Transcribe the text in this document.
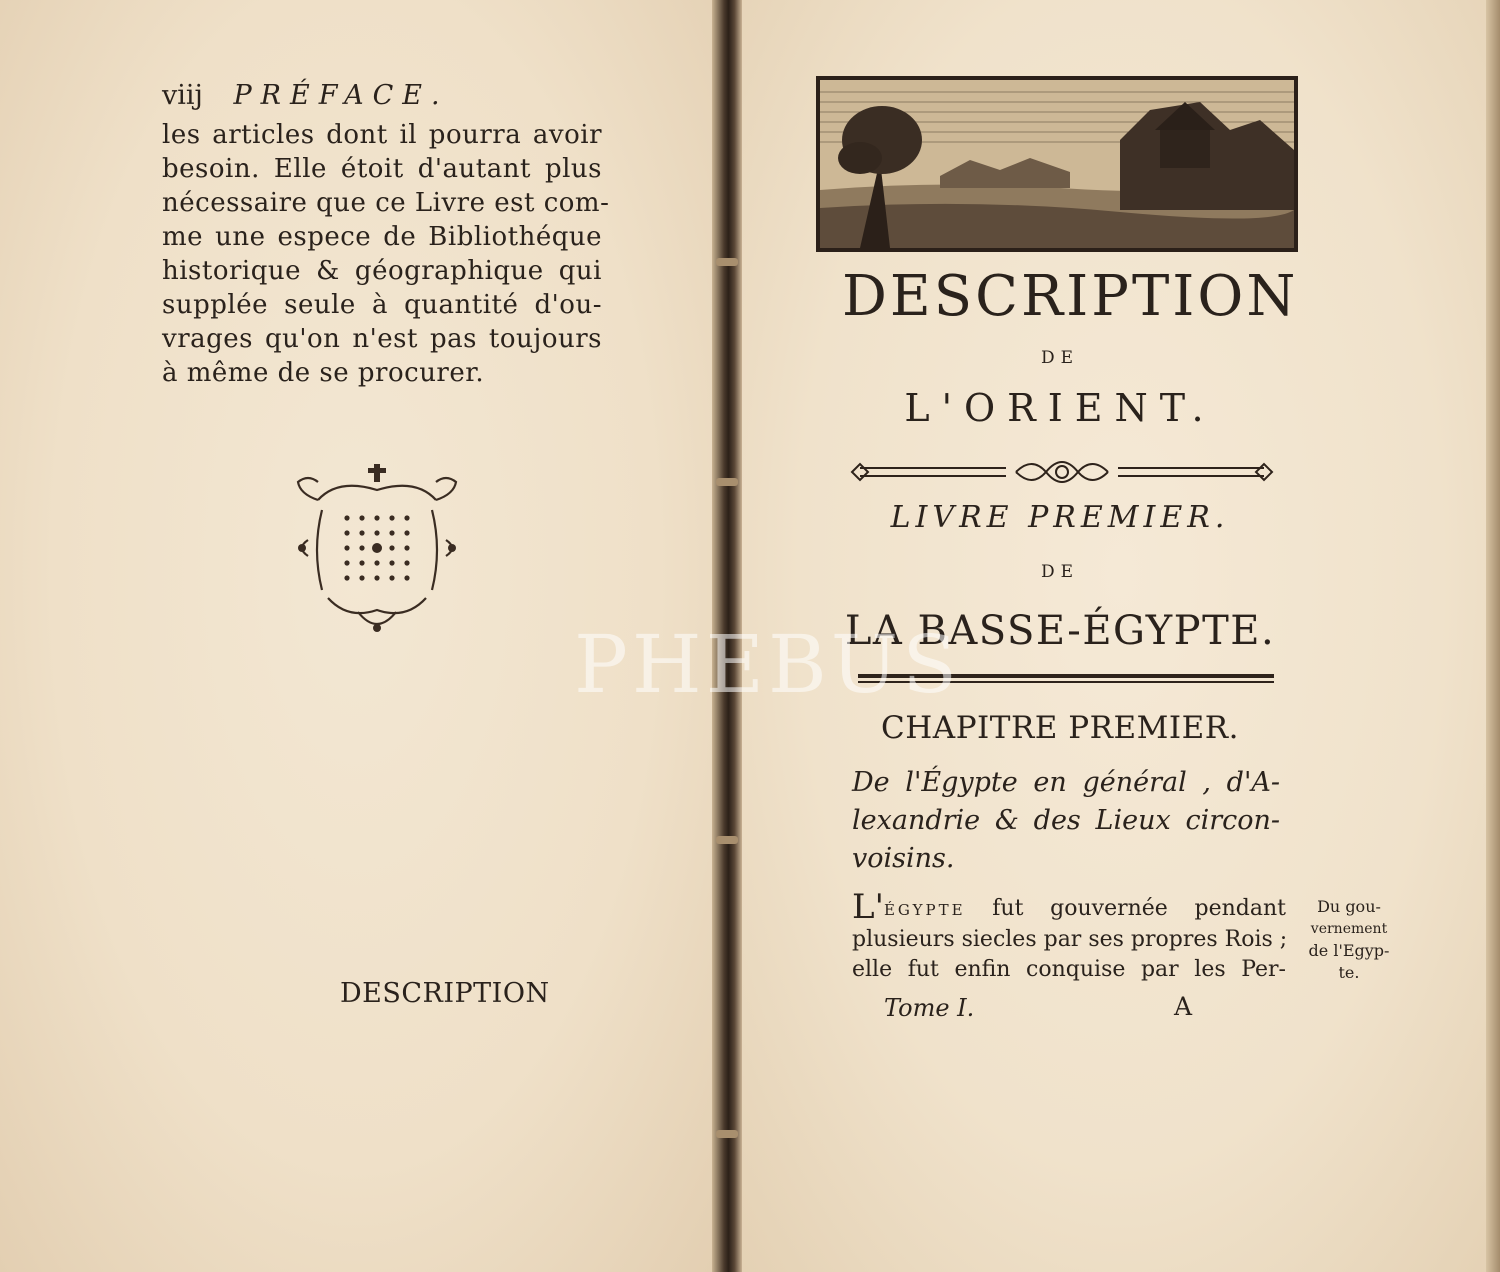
viij PRÉFACE.
les articles dont il pourra avoir
besoin. Elle étoit d'autant plus
nécessaire que ce Livre est com-
me une espece de Bibliothéque
historique & géographique qui
supplée seule à quantité d'ou-
vrages qu'on n'est pas toujours
à même de se procurer.
DESCRIPTION
DESCRIPTION
DE
L'ORIENT.
LIVRE PREMIER.
DE
LA BASSE-ÉGYPTE.
CHAPITRE PREMIER.
De l'Égypte en général , d'A-
lexandrie & des Lieux circon-
voisins.
L'ÉGYPTE fut gouvernée pendant
plusieurs siecles par ses propres Rois ;
elle fut enfin conquise par les Per-
Du gou-
vernement
de l'Egyp-
te.
Tome I.	A
PHEBUS
